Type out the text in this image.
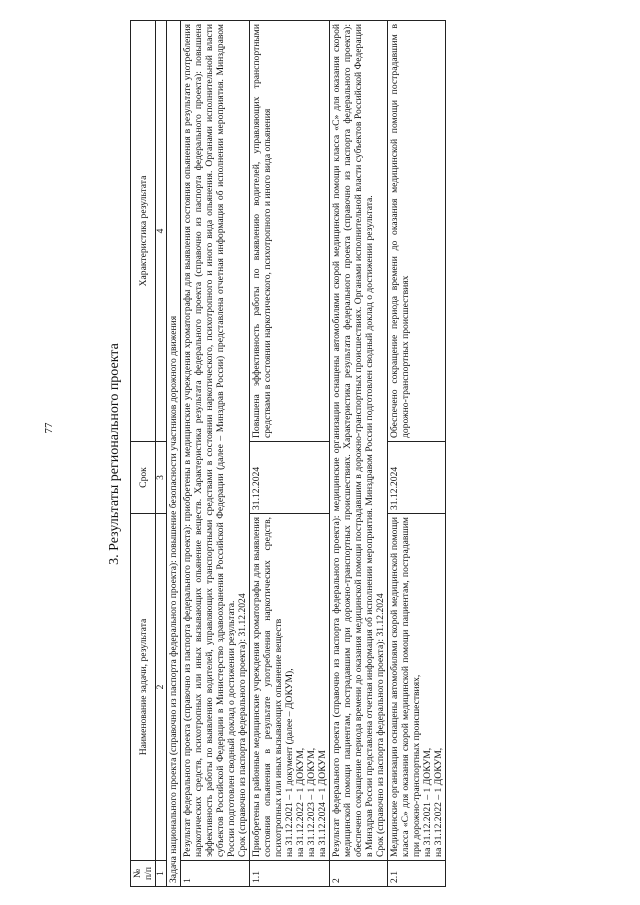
77	3. Результаты регионального проекта
№ п/п	Наименование задачи, результата	Срок	Характеристика результата
1	2	3	4
Задача национального проекта (справочно из паспорта федерального проекта): повышение безопасности участников дорожного движения			
1	Результат федерального проекта (справочно из паспорта федерального проекта): приобретены в медицинские учреждения хроматографы для выявления состояния опьянения в результате употребления наркотических средств, психотропных или иных вызывающих опьянение веществ. Характеристика результата федерального проекта (справочно из паспорта федерального проекта): повышена эффективность работы по выявлению водителей, управляющих транспортными средствами в состоянии наркотического, психотропного и иного вида опьянения. Органами исполнительной власти субъектов Российской Федерации в Министерство здравоохранения Российской Федерации (далее – Минздрав России) представлена отчетная информация об исполнении мероприятия. Минздравом России подготовлен сводный доклад о достижении результата. Срок (справочно из паспорта федерального проекта): 31.12.2024		

1.1	Приобретены в районные медицинские учреждения хроматографы для выявления состояния опьянения в результате употребления наркотических средств, психотропных или иных вызывающих опьянение веществ на 31.12.2021 – 1 документ (далее – ДОКУМ), на 31.12.2022 – 1 ДОКУМ, на 31.12.2023 – 1 ДОКУМ, на 31.12.2024 – 1 ДОКУМ	31.12.2024	Повышена эффективность работы по выявлению водителей, управляющих транспортными средствами в состоянии наркотического, психотропного и иного вида опьянения
2	Результат федерального проекта (справочно из паспорта федерального проекта): медицинские организации оснащены автомобилями скорой медицинской помощи класса «С» для оказания скорой медицинской помощи пациентам, пострадавшим при дорожно-транспортных происшествиях. Характеристика результата федерального проекта (справочно из паспорта федерального проекта): обеспечено сокращение периода времени до оказания медицинской помощи пострадавшим в дорожно-транспортных происшествиях. Органами исполнительной власти субъектов Российской Федерации в Минздрав России представлена отчетная информация об исполнении мероприятия. Минздравом России подготовлен сводный доклад о достижении результата. Срок (справочно из паспорта федерального проекта): 31.12.2024		

2.1	Медицинские организации оснащены автомобилями скорой медицинской помощи класса «С» для оказания скорой медицинской помощи пациентам, пострадавшим при дорожно-транспортных происшествиях, на 31.12.2021 – 1 ДОКУМ, на 31.12.2022 – 1 ДОКУМ,	31.12.2024	Обеспечено сокращение периода времени до оказания медицинской помощи пострадавшим в дорожно-транспортных происшествиях
